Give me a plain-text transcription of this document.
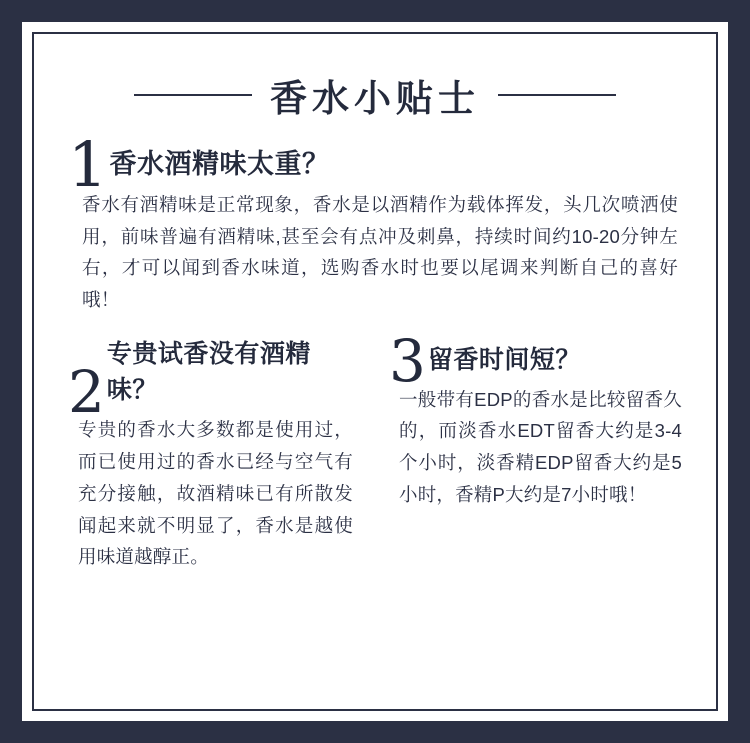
香水小贴士
1 香水酒精味太重？
香水有酒精味是正常现象，香水是以酒精作为载体挥发，头几次喷洒使用，前味普遍有酒精味,甚至会有点冲及刺鼻，持续时间约10-20分钟左右，才可以闻到香水味道，选购香水时也要以尾调来判断自己的喜好哦！
2
专贵试香没有酒精味？
专贵的香水大多数都是使用过，而已使用过的香水已经与空气有充分接触，故酒精味已有所散发闻起来就不明显了，香水是越使用味道越醇正。
3 留香时间短？
一般带有EDP的香水是比较留香久的，而淡香水EDT留香大约是3-4个小时，淡香精EDP留香大约是5小时，香精P大约是7小时哦！
